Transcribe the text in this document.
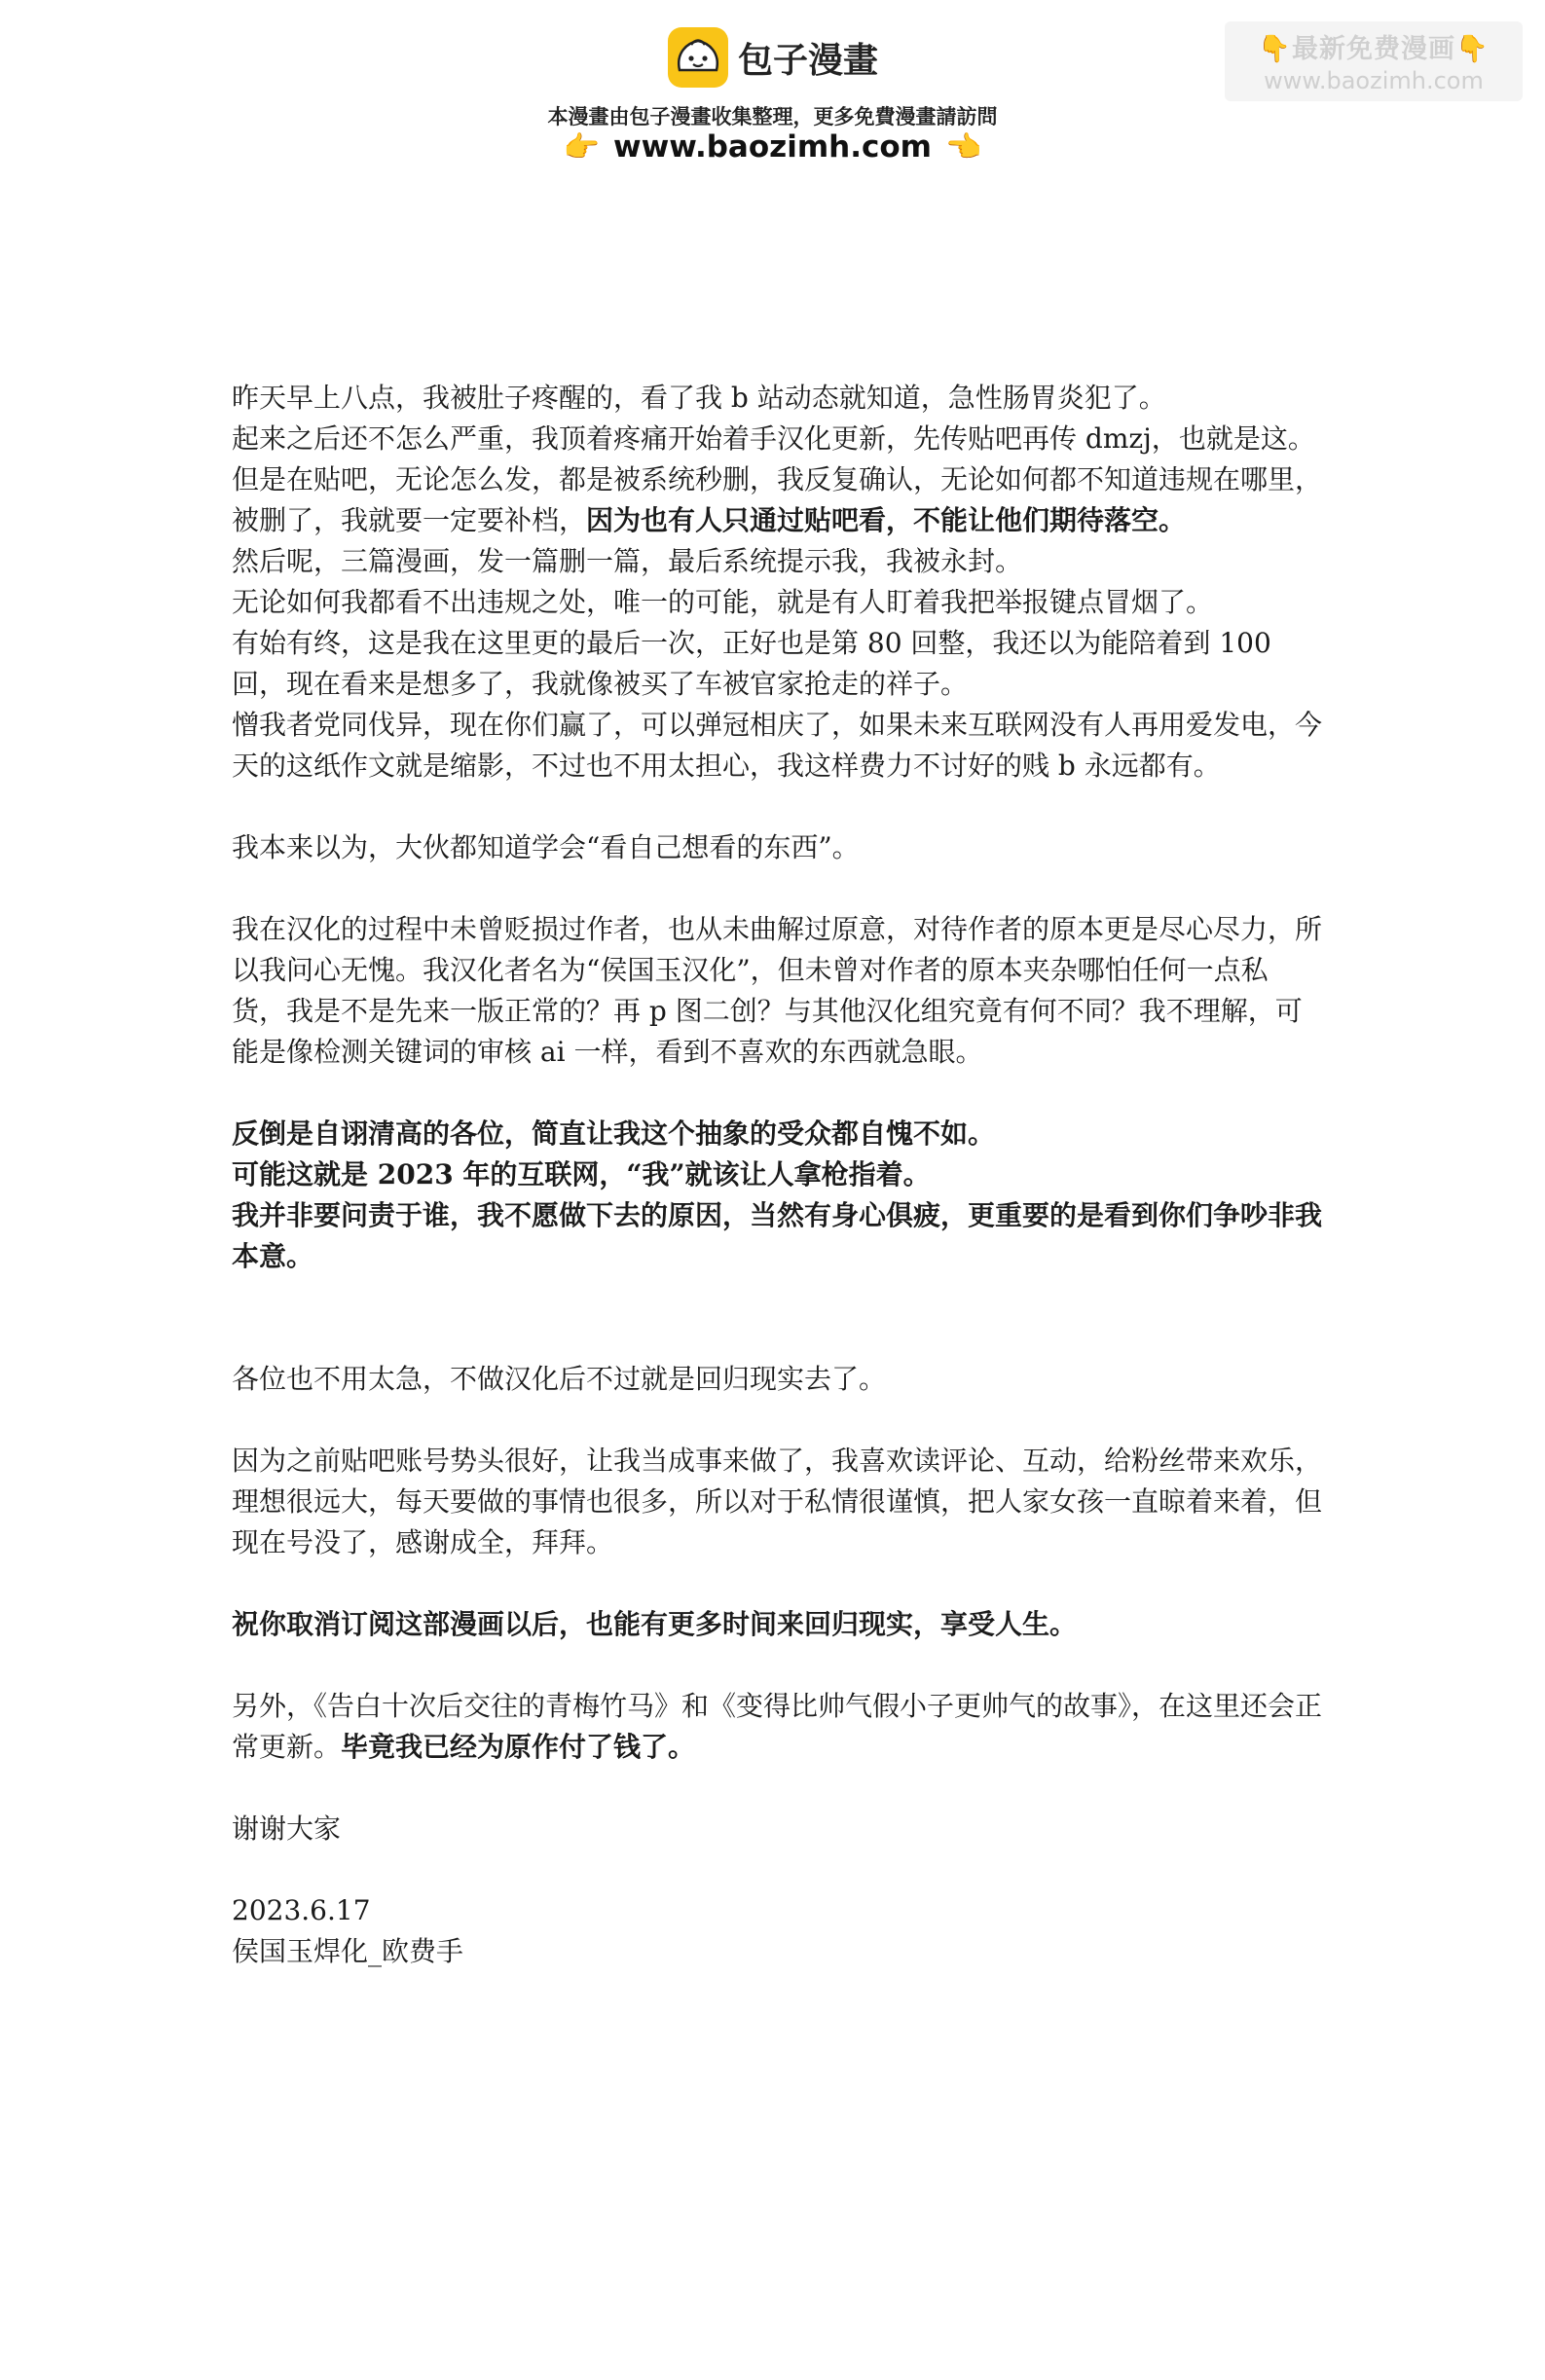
包子漫畫
本漫畫由包子漫畫收集整理，更多免費漫畫請訪問
👉 www.baozimh.com 👈
👇最新免费漫画👇
www.baozimh.com

昨天早上八点，我被肚子疼醒的，看了我 b 站动态就知道，急性肠胃炎犯了。

起来之后还不怎么严重，我顶着疼痛开始着手汉化更新，先传贴吧再传 dmzj，也就是这。

但是在贴吧，无论怎么发，都是被系统秒删，我反复确认，无论如何都不知道违规在哪里，被删了，我就要一定要补档，因为也有人只通过贴吧看，不能让他们期待落空。

然后呢，三篇漫画，发一篇删一篇，最后系统提示我，我被永封。

无论如何我都看不出违规之处，唯一的可能，就是有人盯着我把举报键点冒烟了。

有始有终，这是我在这里更的最后一次，正好也是第 80 回整，我还以为能陪着到 100 回，现在看来是想多了，我就像被买了车被官家抢走的祥子。

憎我者党同伐异，现在你们赢了，可以弹冠相庆了，如果未来互联网没有人再用爱发电，今天的这纸作文就是缩影，不过也不用太担心，我这样费力不讨好的贱 b 永远都有。

我本来以为，大伙都知道学会“看自己想看的东西”。

我在汉化的过程中未曾贬损过作者，也从未曲解过原意，对待作者的原本更是尽心尽力，所以我问心无愧。我汉化者名为“侯国玉汉化”，但未曾对作者的原本夹杂哪怕任何一点私货，我是不是先来一版正常的？再 p 图二创？与其他汉化组究竟有何不同？我不理解，可能是像检测关键词的审核 ai 一样，看到不喜欢的东西就急眼。

反倒是自诩清高的各位，简直让我这个抽象的受众都自愧不如。

可能这就是 2023 年的互联网，“我”就该让人拿枪指着。

我并非要问责于谁，我不愿做下去的原因，当然有身心俱疲，更重要的是看到你们争吵非我本意。

各位也不用太急，不做汉化后不过就是回归现实去了。

因为之前贴吧账号势头很好，让我当成事来做了，我喜欢读评论、互动，给粉丝带来欢乐，理想很远大，每天要做的事情也很多，所以对于私情很谨慎，把人家女孩一直晾着来着，但现在号没了，感谢成全，拜拜。

祝你取消订阅这部漫画以后，也能有更多时间来回归现实，享受人生。

另外，《告白十次后交往的青梅竹马》和《变得比帅气假小子更帅气的故事》，在这里还会正常更新。毕竟我已经为原作付了钱了。

谢谢大家

2023.6.17

侯国玉焊化_欧费手
